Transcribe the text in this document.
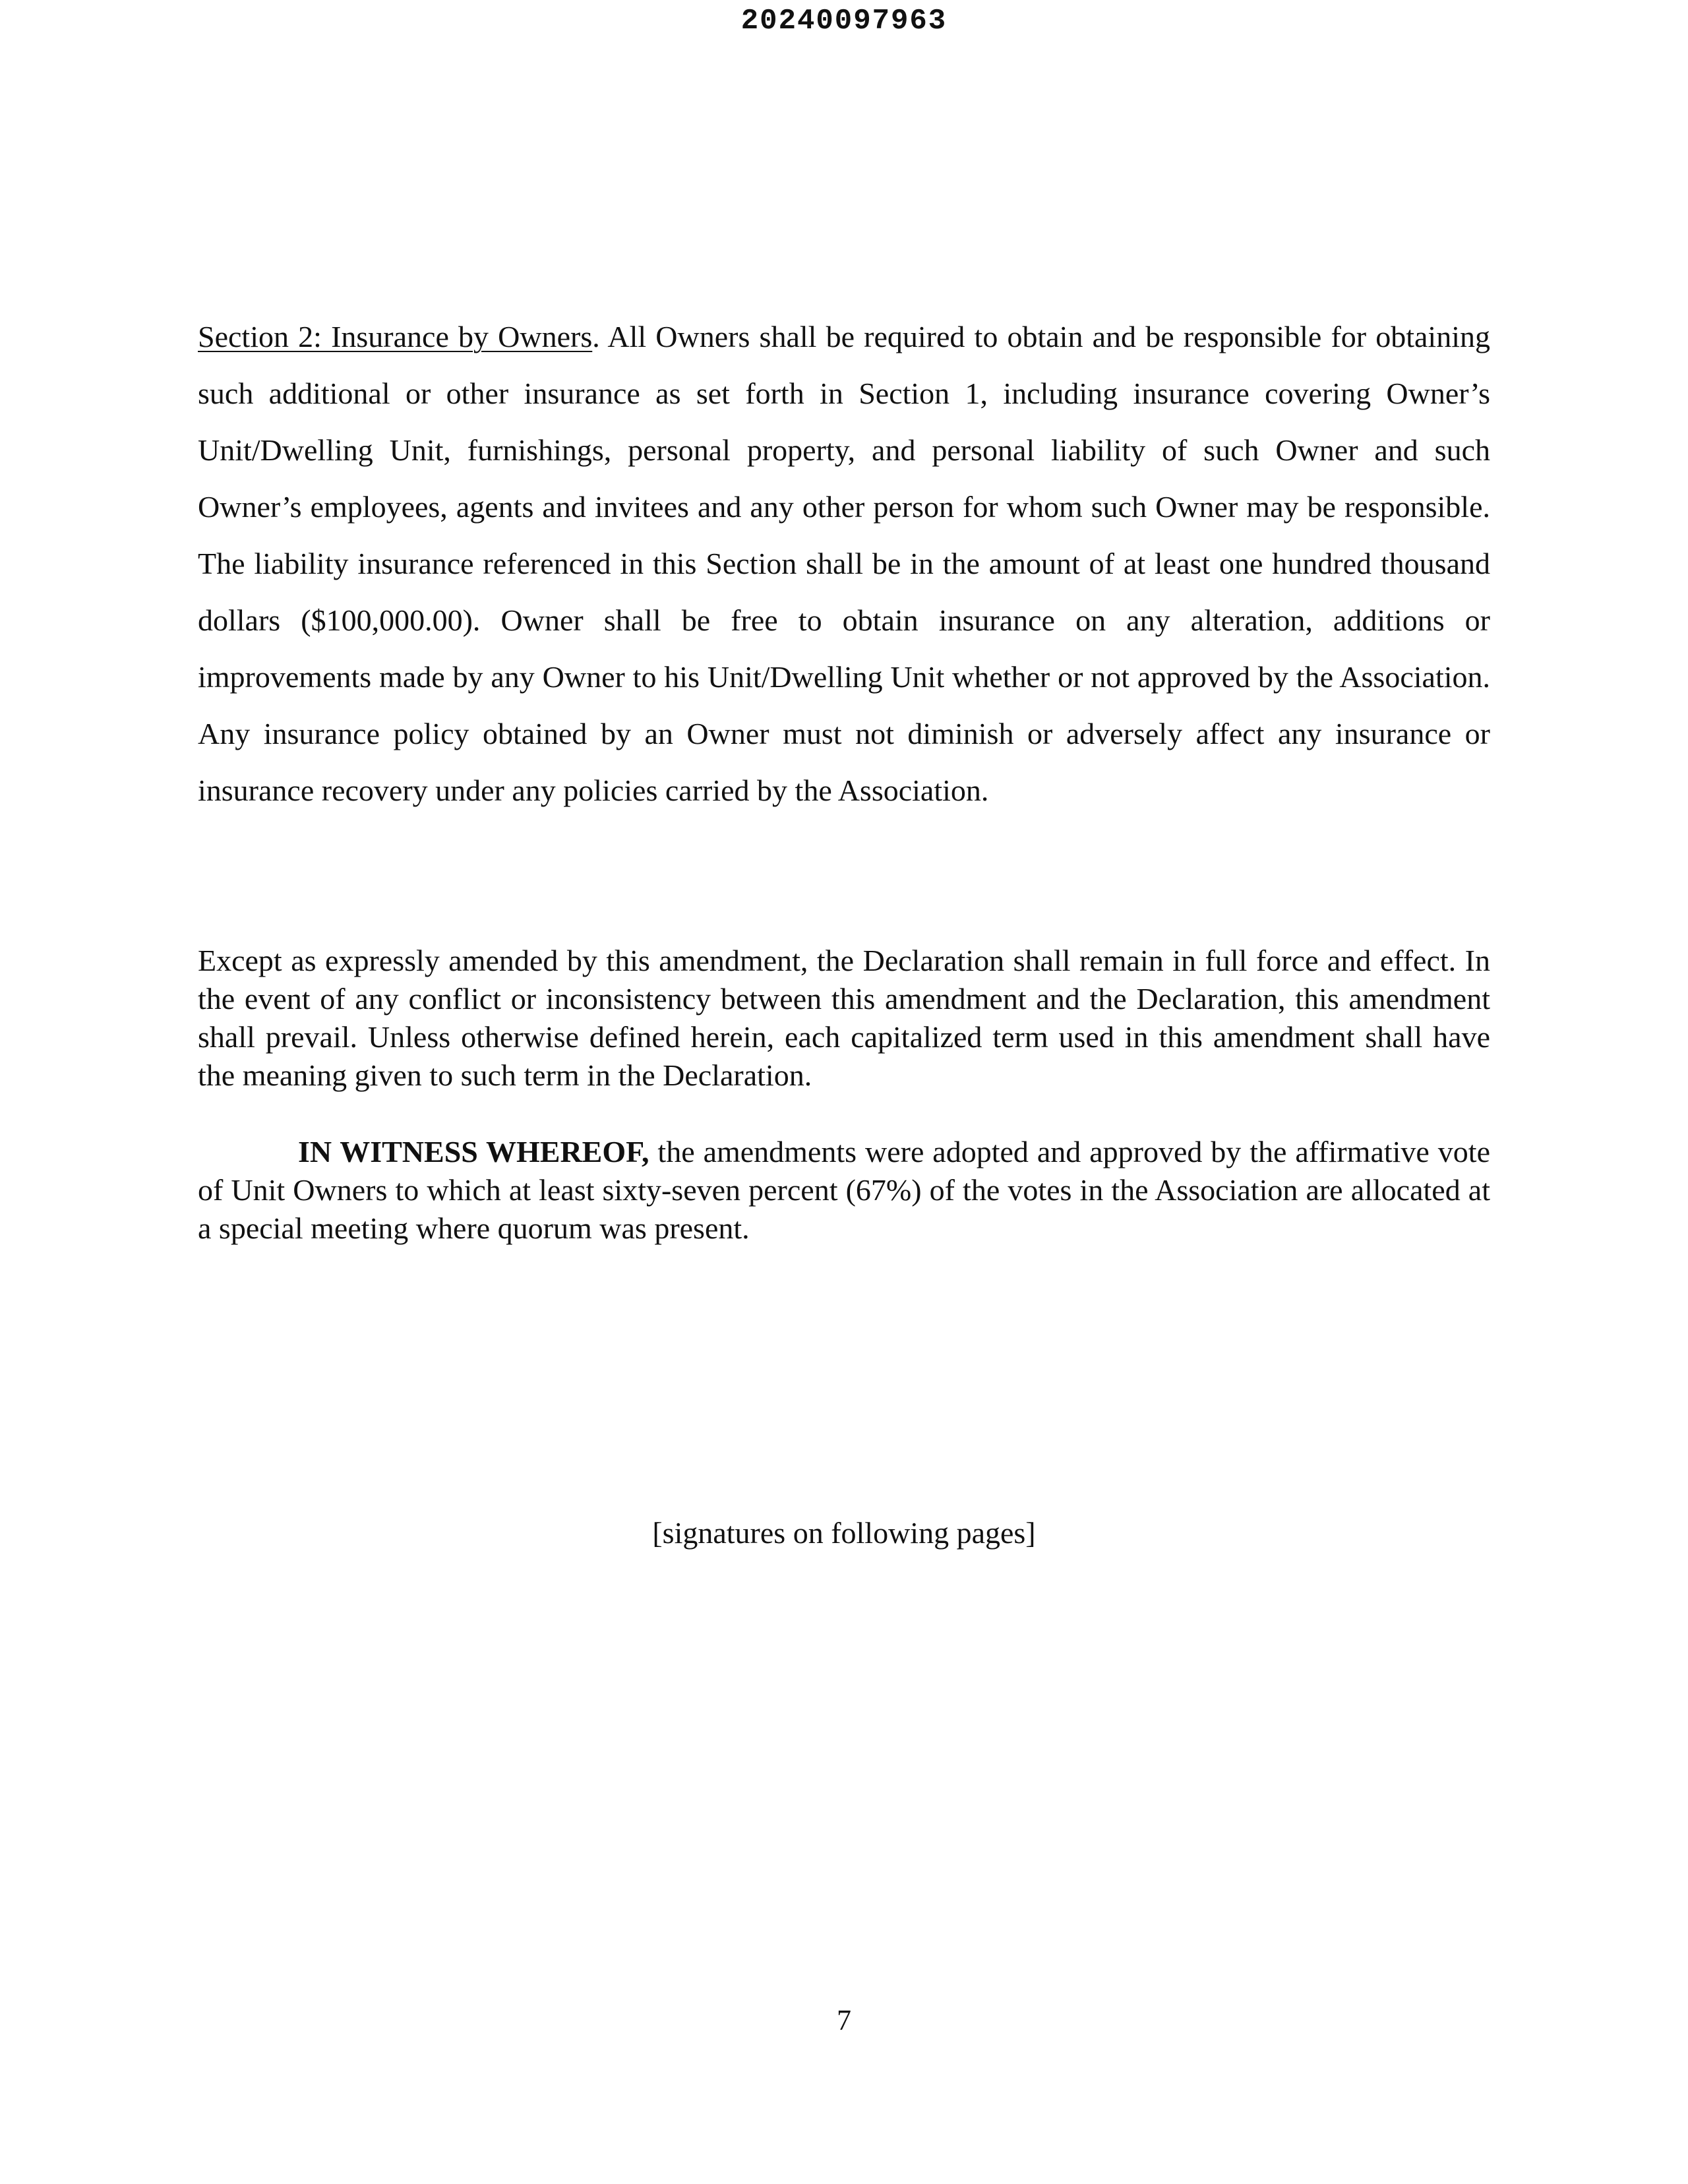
20240097963

Section 2: Insurance by Owners. All Owners shall be required to obtain and be responsible for obtaining such additional or other insurance as set forth in Section 1, including insurance covering Owner’s Unit/Dwelling Unit, furnishings, personal property, and personal liability of such Owner and such Owner’s employees, agents and invitees and any other person for whom such Owner may be responsible. The liability insurance referenced in this Section shall be in the amount of at least one hundred thousand dollars ($100,000.00). Owner shall be free to obtain insurance on any alteration, additions or improvements made by any Owner to his Unit/Dwelling Unit whether or not approved by the Association. Any insurance policy obtained by an Owner must not diminish or adversely affect any insurance or insurance recovery under any policies carried by the Association.

Except as expressly amended by this amendment, the Declaration shall remain in full force and effect. In the event of any conflict or inconsistency between this amendment and the Declaration, this amendment shall prevail. Unless otherwise defined herein, each capitalized term used in this amendment shall have the meaning given to such term in the Declaration.

IN WITNESS WHEREOF, the amendments were adopted and approved by the affirmative vote of Unit Owners to which at least sixty-seven percent (67%) of the votes in the Association are allocated at a special meeting where quorum was present.

[signatures on following pages]
7
